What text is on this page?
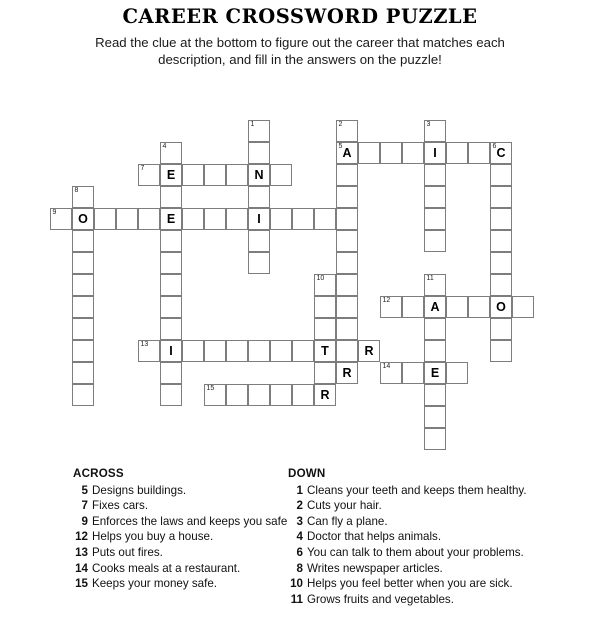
CAREER CROSSWORD PUZZLE
Read the clue at the bottom to figure out the career that matches each description, and fill in the answers on the puzzle!
1
N
I
2
5 A
R
3
I
4
E
E
I
6 C
O
7
8
O
9
10
T
R
11
A
E
12
13	R
14
15
ACROSS
5 Designs buildings.
7 Fixes cars.
9 Enforces the laws and keeps you safe
12 Helps you buy a house.
13 Puts out fires.
14 Cooks meals at a restaurant.
15 Keeps your money safe.
DOWN
1 Cleans your teeth and keeps them healthy.
2 Cuts your hair.
3 Can fly a plane.
4 Doctor that helps animals.
6 You can talk to them about your problems.
8 Writes newspaper articles.
10 Helps you feel better when you are sick.
11 Grows fruits and vegetables.
